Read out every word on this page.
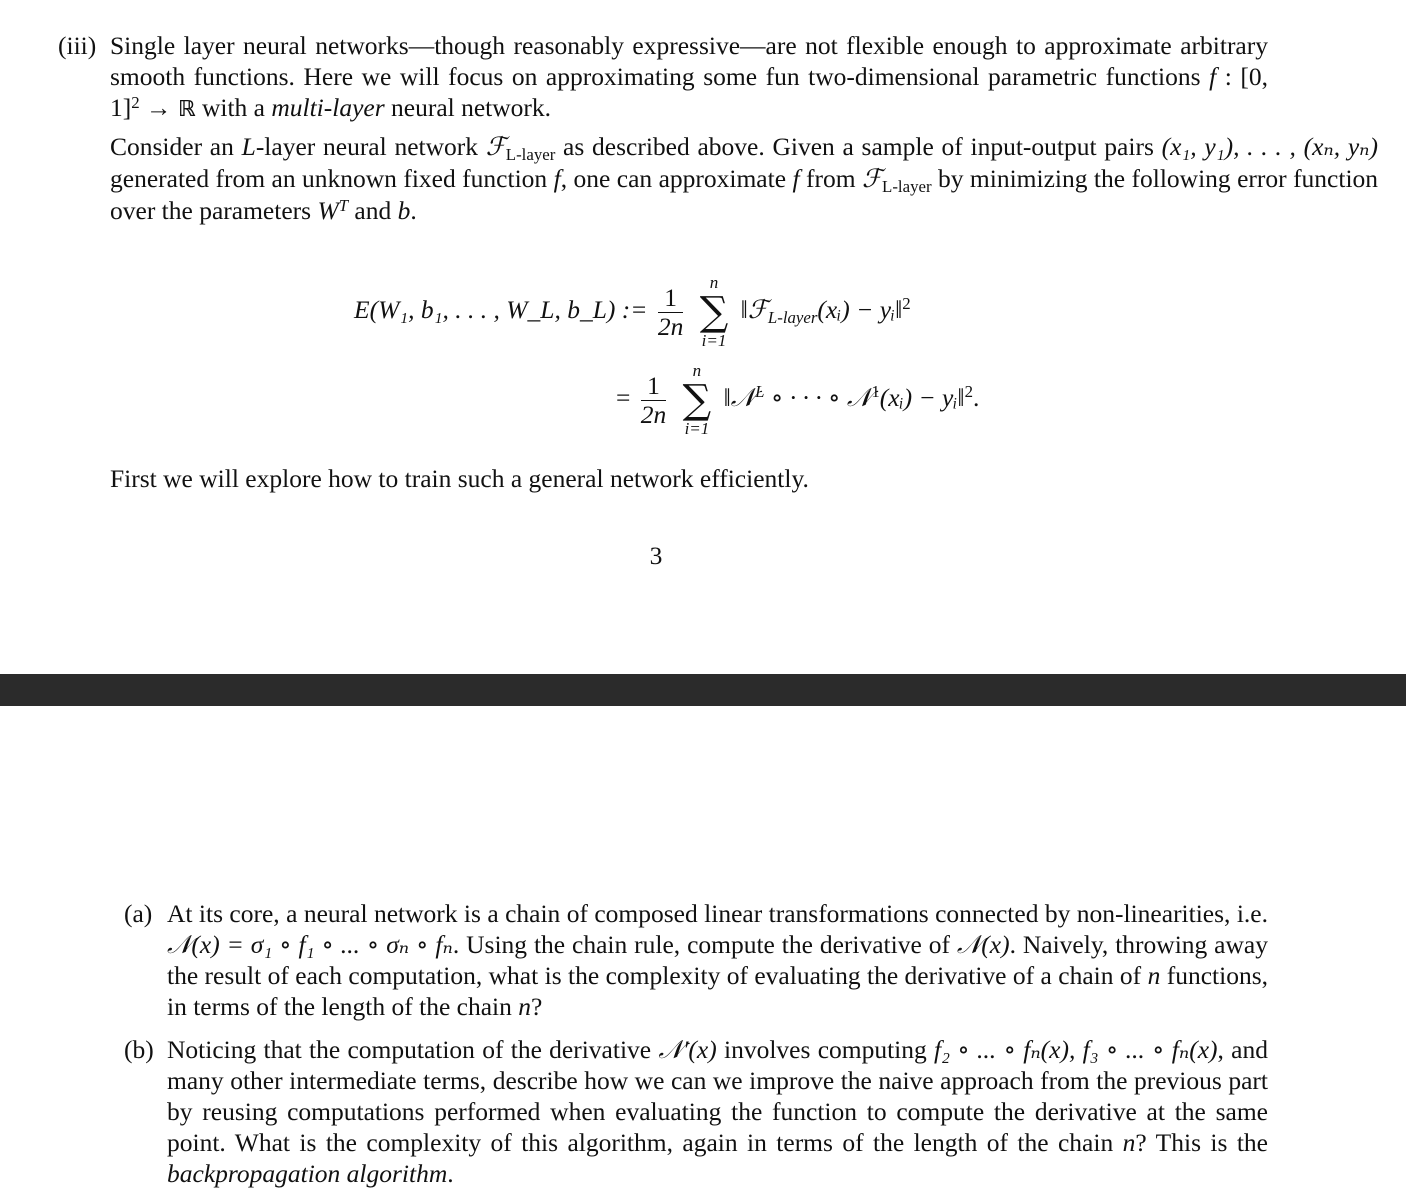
(iii) Single layer neural networks—though reasonably expressive—are not flexible enough to approximate arbitrary smooth functions. Here we will focus on approximating some fun two-dimensional parametric functions f : [0, 1]$^2$ → ℝ with a multi-layer neural network.

Consider an L-layer neural network ℱ$_{L-layer}$ as described above. Given a sample of input-output pairs (x₁, y₁), . . . , (xₙ, yₙ) generated from an unknown fixed function f, one can approximate f from ℱ$_{L-layer}$ by minimizing the following error function over the parameters $W^T$ and b.

E(W₁, b₁, . . . , W_L, b_L) := $\frac{1}{2n}$

n
∑
i=1
‖ℱ$_{L-layer}$(xᵢ) − yᵢ‖$^2$
= $\frac{1}{2n}$

n
∑
i=1
‖𝒩$^L$ ∘ · · · ∘ 𝒩$^1$(xᵢ) − yᵢ‖$^2$.

First we will explore how to train such a general network efficiently.

3
(a) At its core, a neural network is a chain of composed linear transformations connected by non-linearities, i.e. 𝒩(x) = σ₁ ∘ f₁ ∘ ... ∘ σₙ ∘ fₙ. Using the chain rule, compute the derivative of 𝒩(x). Naively, throwing away the result of each computation, what is the complexity of evaluating the derivative of a chain of n functions, in terms of the length of the chain n?

(b) Noticing that the computation of the derivative 𝒩′(x) involves computing f₂ ∘ ... ∘ fₙ(x), f₃ ∘ ... ∘ fₙ(x), and many other intermediate terms, describe how we can we improve the naive approach from the previous part by reusing computations performed when evaluating the function to compute the derivative at the same point. What is the complexity of this algorithm, again in terms of the length of the chain n? This is the backpropagation algorithm.
